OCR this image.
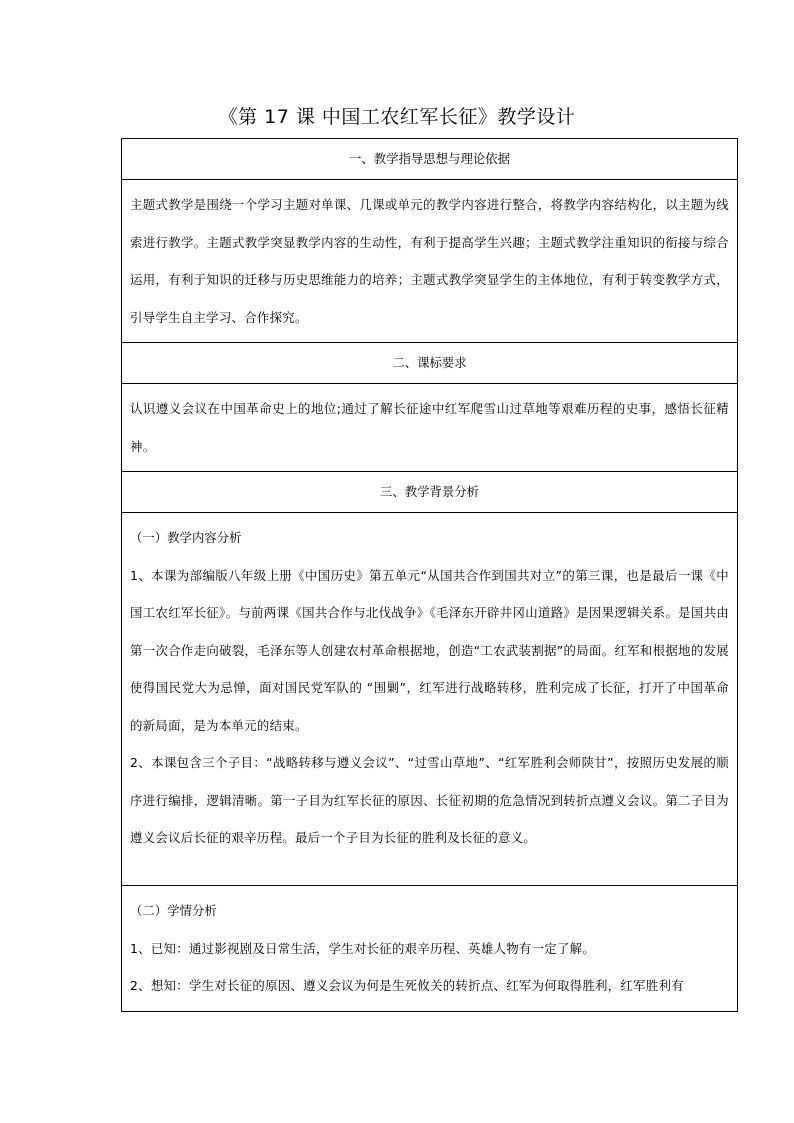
《第 17 课 中国工农红军长征》教学设计
一、教学指导思想与理论依据

主题式教学是围绕一个学习主题对单课、几课或单元的教学内容进行整合，将教学内容结构化，以主题为线索进行教学。主题式教学突显教学内容的生动性，有利于提高学生兴趣；主题式教学注重知识的衔接与综合运用，有利于知识的迁移与历史思维能力的培养；主题式教学突显学生的主体地位，有利于转变教学方式，引导学生自主学习、合作探究。

二、课标要求

认识遵义会议在中国革命史上的地位;通过了解长征途中红军爬雪山过草地等艰难历程的史事，感悟长征精神。

三、教学背景分析

（一）教学内容分析

1、本课为部编版八年级上册《中国历史》第五单元“从国共合作到国共对立”的第三课，也是最后一课《中国工农红军长征》。与前两课《国共合作与北伐战争》《毛泽东开辟井冈山道路》是因果逻辑关系。是国共由第一次合作走向破裂，毛泽东等人创建农村革命根据地，创造“工农武装割据”的局面。红军和根据地的发展使得国民党大为忌惮，面对国民党军队的 “围剿”，红军进行战略转移，胜利完成了长征，打开了中国革命的新局面，是为本单元的结束。

2、本课包含三个子目：“战略转移与遵义会议”、“过雪山草地”、“红军胜利会师陕甘”，按照历史发展的顺序进行编排，逻辑清晰。第一子目为红军长征的原因、长征初期的危急情况到转折点遵义会议。第二子目为遵义会议后长征的艰辛历程。最后一个子目为长征的胜利及长征的意义。

（二）学情分析

1、已知：通过影视剧及日常生活，学生对长征的艰辛历程、英雄人物有一定了解。

2、想知：学生对长征的原因、遵义会议为何是生死攸关的转折点、红军为何取得胜利，红军胜利有
